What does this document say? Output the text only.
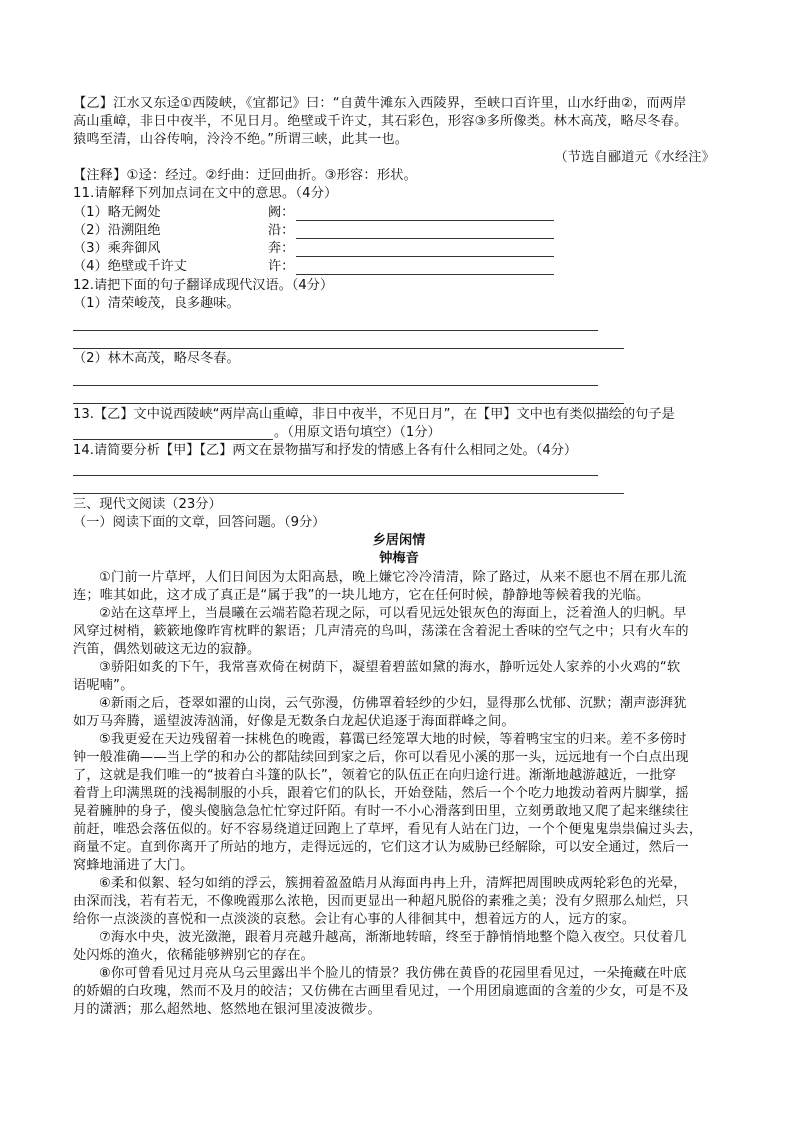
【乙】江水又东迳①西陵峡，《宜都记》曰：“自黄牛滩东入西陵界，至峡口百许里，山水纡曲②，而两岸

高山重嶂，非日中夜半，不见日月。绝壁或千许丈，其石彩色，形容③多所像类。林木高茂，略尽冬春。

猿鸣至清，山谷传响，泠泠不绝。”所谓三峡，此其一也。

（节选自郦道元《水经注》

【注释】①迳：经过。②纡曲：迂回曲折。③形容：形状。

11.请解释下列加点词在文中的意思。（4分）

（1）略无阙处	阙：
（2）沿溯阻绝	沿：
（3）乘奔御风	奔：
（4）绝壁或千许丈	许：
12.请把下面的句子翻译成现代汉语。（4分）
（1）清荣峻茂，良多趣味。
（2）林木高茂，略尽冬春。
13.【乙】文中说西陵峡“两岸高山重嶂，非日中夜半，不见日月”，在【甲】文中也有类似描绘的句子是
。（用原文语句填空）（1分）
14.请简要分析【甲】【乙】两文在景物描写和抒发的情感上各有什么相同之处。（4分）
三、现代文阅读（23分）
（一）阅读下面的文章，回答问题。（9分）
乡居闲情
钟梅音

①门前一片草坪，人们日间因为太阳高悬，晚上嫌它冷冷清清，除了路过，从来不愿也不屑在那儿流

连；唯其如此，这才成了真正是“属于我”的一块儿地方，它在任何时候，静静地等候着我的光临。

②站在这草坪上，当晨曦在云端若隐若现之际，可以看见远处银灰色的海面上，泛着渔人的归帆。早

风穿过树梢，簌簌地像昨宵枕畔的絮语；几声清亮的鸟叫，荡漾在含着泥土香味的空气之中；只有火车的

汽笛，偶然划破这无边的寂静。

③骄阳如炙的下午，我常喜欢倚在树荫下，凝望着碧蓝如黛的海水，静听远处人家养的小火鸡的“软

语呢喃”。

④新雨之后，苍翠如濯的山岗，云气弥漫，仿佛罩着轻纱的少妇，显得那么忧郁、沉默；潮声澎湃犹

如万马奔腾，遥望波涛汹涌，好像是无数条白龙起伏追逐于海面群峰之间。

⑤我更爱在天边残留着一抹桃色的晚霞，暮霭已经笼罩大地的时候，等着鸭宝宝的归来。差不多傍时

钟一般准确——当上学的和办公的都陆续回到家之后，你可以看见小溪的那一头，远远地有一个白点出现

了，这就是我们唯一的“披着白斗篷的队长”，领着它的队伍正在向归途行进。渐渐地越游越近，一批穿

着背上印满黑斑的浅褐制服的小兵，跟着它们的队长，开始登陆，然后一个个吃力地拨动着两片脚掌，摇

晃着臃肿的身子，傻头傻脑急急忙忙穿过阡陌。有时一不小心滑落到田里，立刻勇敢地又爬了起来继续往

前赶，唯恐会落伍似的。好不容易绕道迂回跑上了草坪，看见有人站在门边，一个个便鬼鬼祟祟偏过头去，

商量不定。直到你离开了所站的地方，走得远远的，它们这才认为威胁已经解除，可以安全通过，然后一

窝蜂地涌进了大门。

⑥柔和似絮、轻匀如绡的浮云，簇拥着盈盈皓月从海面冉冉上升，清辉把周围映成两轮彩色的光晕，

由深而浅，若有若无，不像晚霞那么浓艳，因而更显出一种超凡脱俗的素雅之美；没有夕照那么灿烂，只

给你一点淡淡的喜悦和一点淡淡的哀愁。会让有心事的人徘徊其中，想着远方的人，远方的家。

⑦海水中央，波光潋滟，跟着月亮越升越高，渐渐地转暗，终至于静悄悄地整个隐入夜空。只仗着几

处闪烁的渔火，依稀能够辨别它的存在。

⑧你可曾看见过月亮从乌云里露出半个脸儿的情景？我仿佛在黄昏的花园里看见过，一朵掩藏在叶底

的娇媚的白玫瑰，然而不及月的皎洁；又仿佛在古画里看见过，一个用团扇遮面的含羞的少女，可是不及

月的潇洒；那么超然地、悠然地在银河里凌波微步。
